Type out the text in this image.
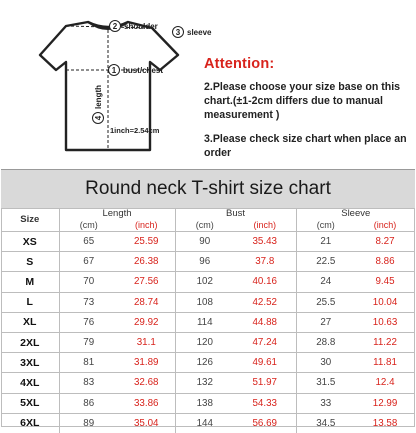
2 shoulder
3 sleeve
1 bust/chest
4
length
1inch=2.54cm
Attention:
2.Please choose your size base on this chart.(±1-2cm differs due to manual measurement )
3.Please check size chart when place an order
Round neck T-shirt size chart
Size	Length		Bust		Sleeve	
	(cm)	(inch)	(cm)	(inch)	(cm)	(inch)
XS	65	25.59	90	35.43	21	8.27
S	67	26.38	96	37.8	22.5	8.86
M	70	27.56	102	40.16	24	9.45
L	73	28.74	108	42.52	25.5	10.04
XL	76	29.92	114	44.88	27	10.63
2XL	79	31.1	120	47.24	28.8	11.22
3XL	81	31.89	126	49.61	30	11.81
4XL	83	32.68	132	51.97	31.5	12.4
5XL	86	33.86	138	54.33	33	12.99
6XL	89	35.04	144	56.69	34.5	13.58
